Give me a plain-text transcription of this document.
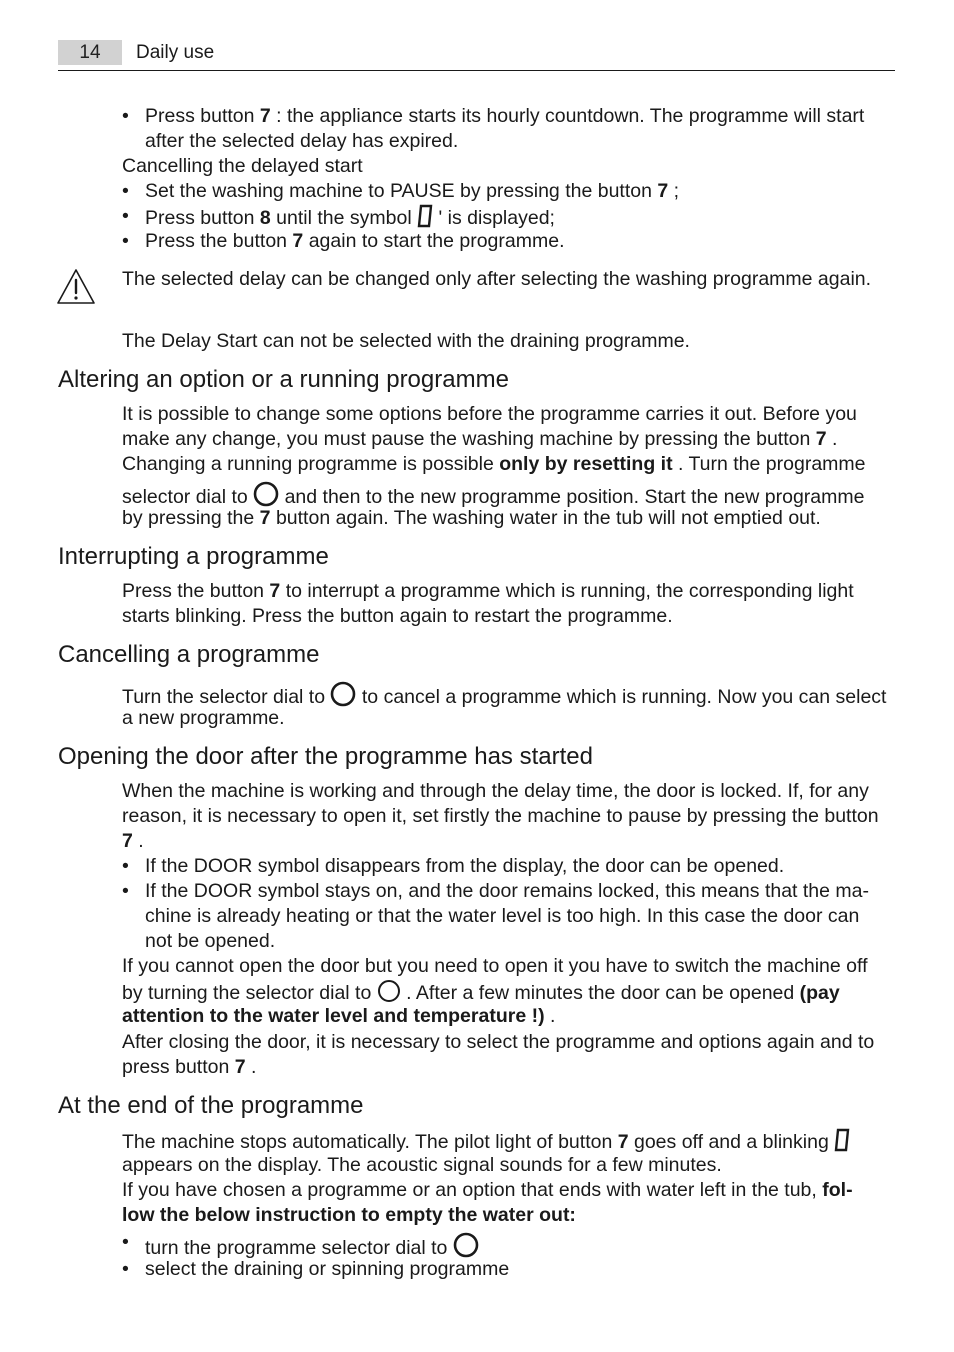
14	Daily use
• Press button 7 : the appliance starts its hourly countdown. The programme will start

after the selected delay has expired.

Cancelling the delayed start

• Set the washing machine to PAUSE by pressing the button 7 ;

• Press button 8 until the symbol  ' is displayed;

• Press the button 7 again to start the programme.

The selected delay can be changed only after selecting the washing programme again.

The Delay Start can not be selected with the draining programme.

Altering an option or a running programme

It is possible to change some options before the programme carries it out. Before you

make any change, you must pause the washing machine by pressing the button 7 .

Changing a running programme is possible only by resetting it . Turn the programme

selector dial to  and then to the new programme position. Start the new programme

by pressing the 7 button again. The washing water in the tub will not emptied out.

Interrupting a programme

Press the button 7 to interrupt a programme which is running, the corresponding light

starts blinking. Press the button again to restart the programme.

Cancelling a programme

Turn the selector dial to  to cancel a programme which is running. Now you can select

a new programme.

Opening the door after the programme has started

When the machine is working and through the delay time, the door is locked. If, for any

reason, it is necessary to open it, set firstly the machine to pause by pressing the button

7 .

• If the DOOR symbol disappears from the display, the door can be opened.

• If the DOOR symbol stays on, and the door remains locked, this means that the ma-

chine is already heating or that the water level is too high. In this case the door can

not be opened.

If you cannot open the door but you need to open it you have to switch the machine off

by turning the selector dial to  . After a few minutes the door can be opened (pay

attention to the water level and temperature !) .

After closing the door, it is necessary to select the programme and options again and to

press button 7 .

At the end of the programme

The machine stops automatically. The pilot light of button 7 goes off and a blinking

appears on the display. The acoustic signal sounds for a few minutes.

If you have chosen a programme or an option that ends with water left in the tub, fol-

low the below instruction to empty the water out:

• turn the programme selector dial to

• select the draining or spinning programme
